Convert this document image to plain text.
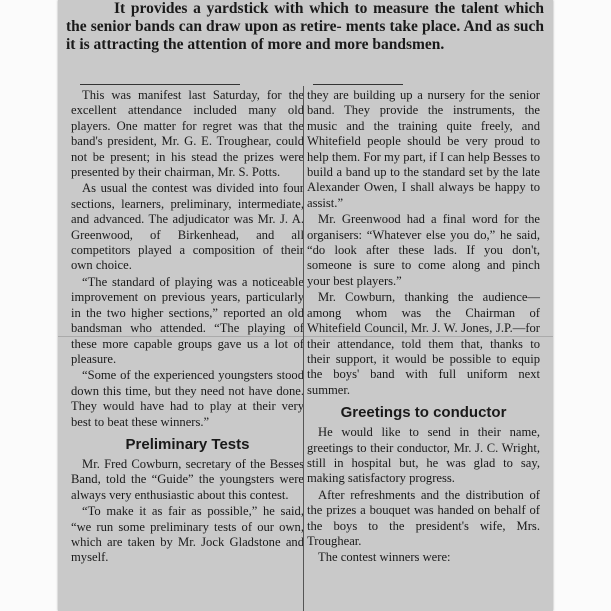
It provides a yardstick with which to measure the talent which the senior bands can draw upon as retire- ments take place. And as such it is attracting the attention of more and more bandsmen.

This was manifest last Saturday, for the excellent attendance included many old players. One matter for regret was that the band's president, Mr. G. E. Troughear, could not be present; in his stead the prizes were presented by their chairman, Mr. S. Potts.

As usual the contest was divided into four sections, learners, preliminary, intermediate, and advanced. The adjudicator was Mr. J. A. Greenwood, of Birkenhead, and all competitors played a composition of their own choice.

“The standard of playing was a noticeable improvement on previous years, particularly in the two higher sections,” reported an old bandsman who attended. “The playing of these more capable groups gave us a lot of pleasure.

“Some of the experienced youngsters stood down this time, but they need not have done. They would have had to play at their very best to beat these winners.”

Preliminary Tests

Mr. Fred Cowburn, secretary of the Besses Band, told the “Guide” the youngsters were always very enthusiastic about this contest.

“To make it as fair as possible,” he said, “we run some preliminary tests of our own, which are taken by Mr. Jock Gladstone and myself.

they are building up a nursery for the senior band. They provide the instruments, the music and the training quite freely, and Whitefield people should be very proud to help them. For my part, if I can help Besses to build a band up to the standard set by the late Alexander Owen, I shall always be happy to assist.”

Mr. Greenwood had a final word for the organisers: “Whatever else you do,” he said, “do look after these lads. If you don't, someone is sure to come along and pinch your best players.”

Mr. Cowburn, thanking the audience—among whom was the Chairman of Whitefield Council, Mr. J. W. Jones, J.P.—for their attendance, told them that, thanks to their support, it would be possible to equip the boys' band with full uniform next summer.

Greetings to conductor

He would like to send in their name, greetings to their conductor, Mr. J. C. Wright, still in hospital but, he was glad to say, making satisfactory progress.

After refreshments and the distribution of the prizes a bouquet was handed on behalf of the boys to the president's wife, Mrs. Troughear.

The contest winners were:
